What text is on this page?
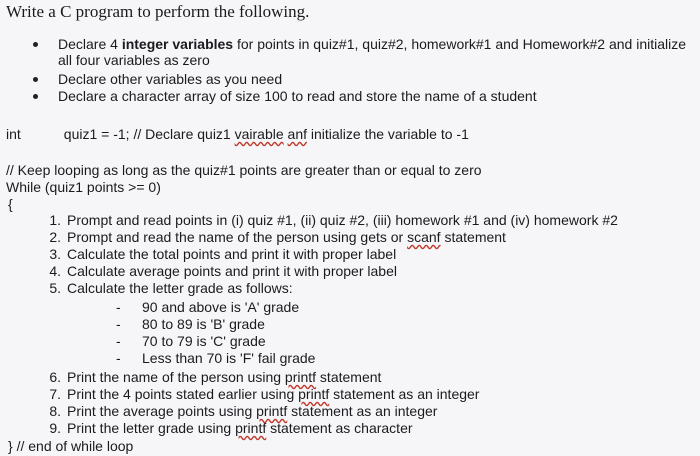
Write a C program to perform the following.
Declare 4 integer variables for points in quiz#1, quiz#2, homework#1 and Homework#2 and initialize all four variables as zero
Declare other variables as you need
Declare a character array of size 100 to read and store the name of a student
int	quiz1 = -1; // Declare quiz1 vairable anf initialize the variable to -1
// Keep looping as long as the quiz#1 points are greater than or equal to zero
While (quiz1 points >= 0)
{
1. Prompt and read points in (i) quiz #1, (ii) quiz #2, (iii) homework #1 and (iv) homework #2
2. Prompt and read the name of the person using gets or scanf statement
3. Calculate the total points and print it with proper label
4. Calculate average points and print it with proper label
5. Calculate the letter grade as follows:
- 90 and above is 'A' grade
- 80 to 89 is 'B' grade
- 70 to 79 is 'C' grade
- Less than 70 is 'F' fail grade
6. Print the name of the person using printf statement
7. Print the 4 points stated earlier using printf statement as an integer
8. Print the average points using printf statement as an integer
9. Print the letter grade using printf statement as character
} // end of while loop
